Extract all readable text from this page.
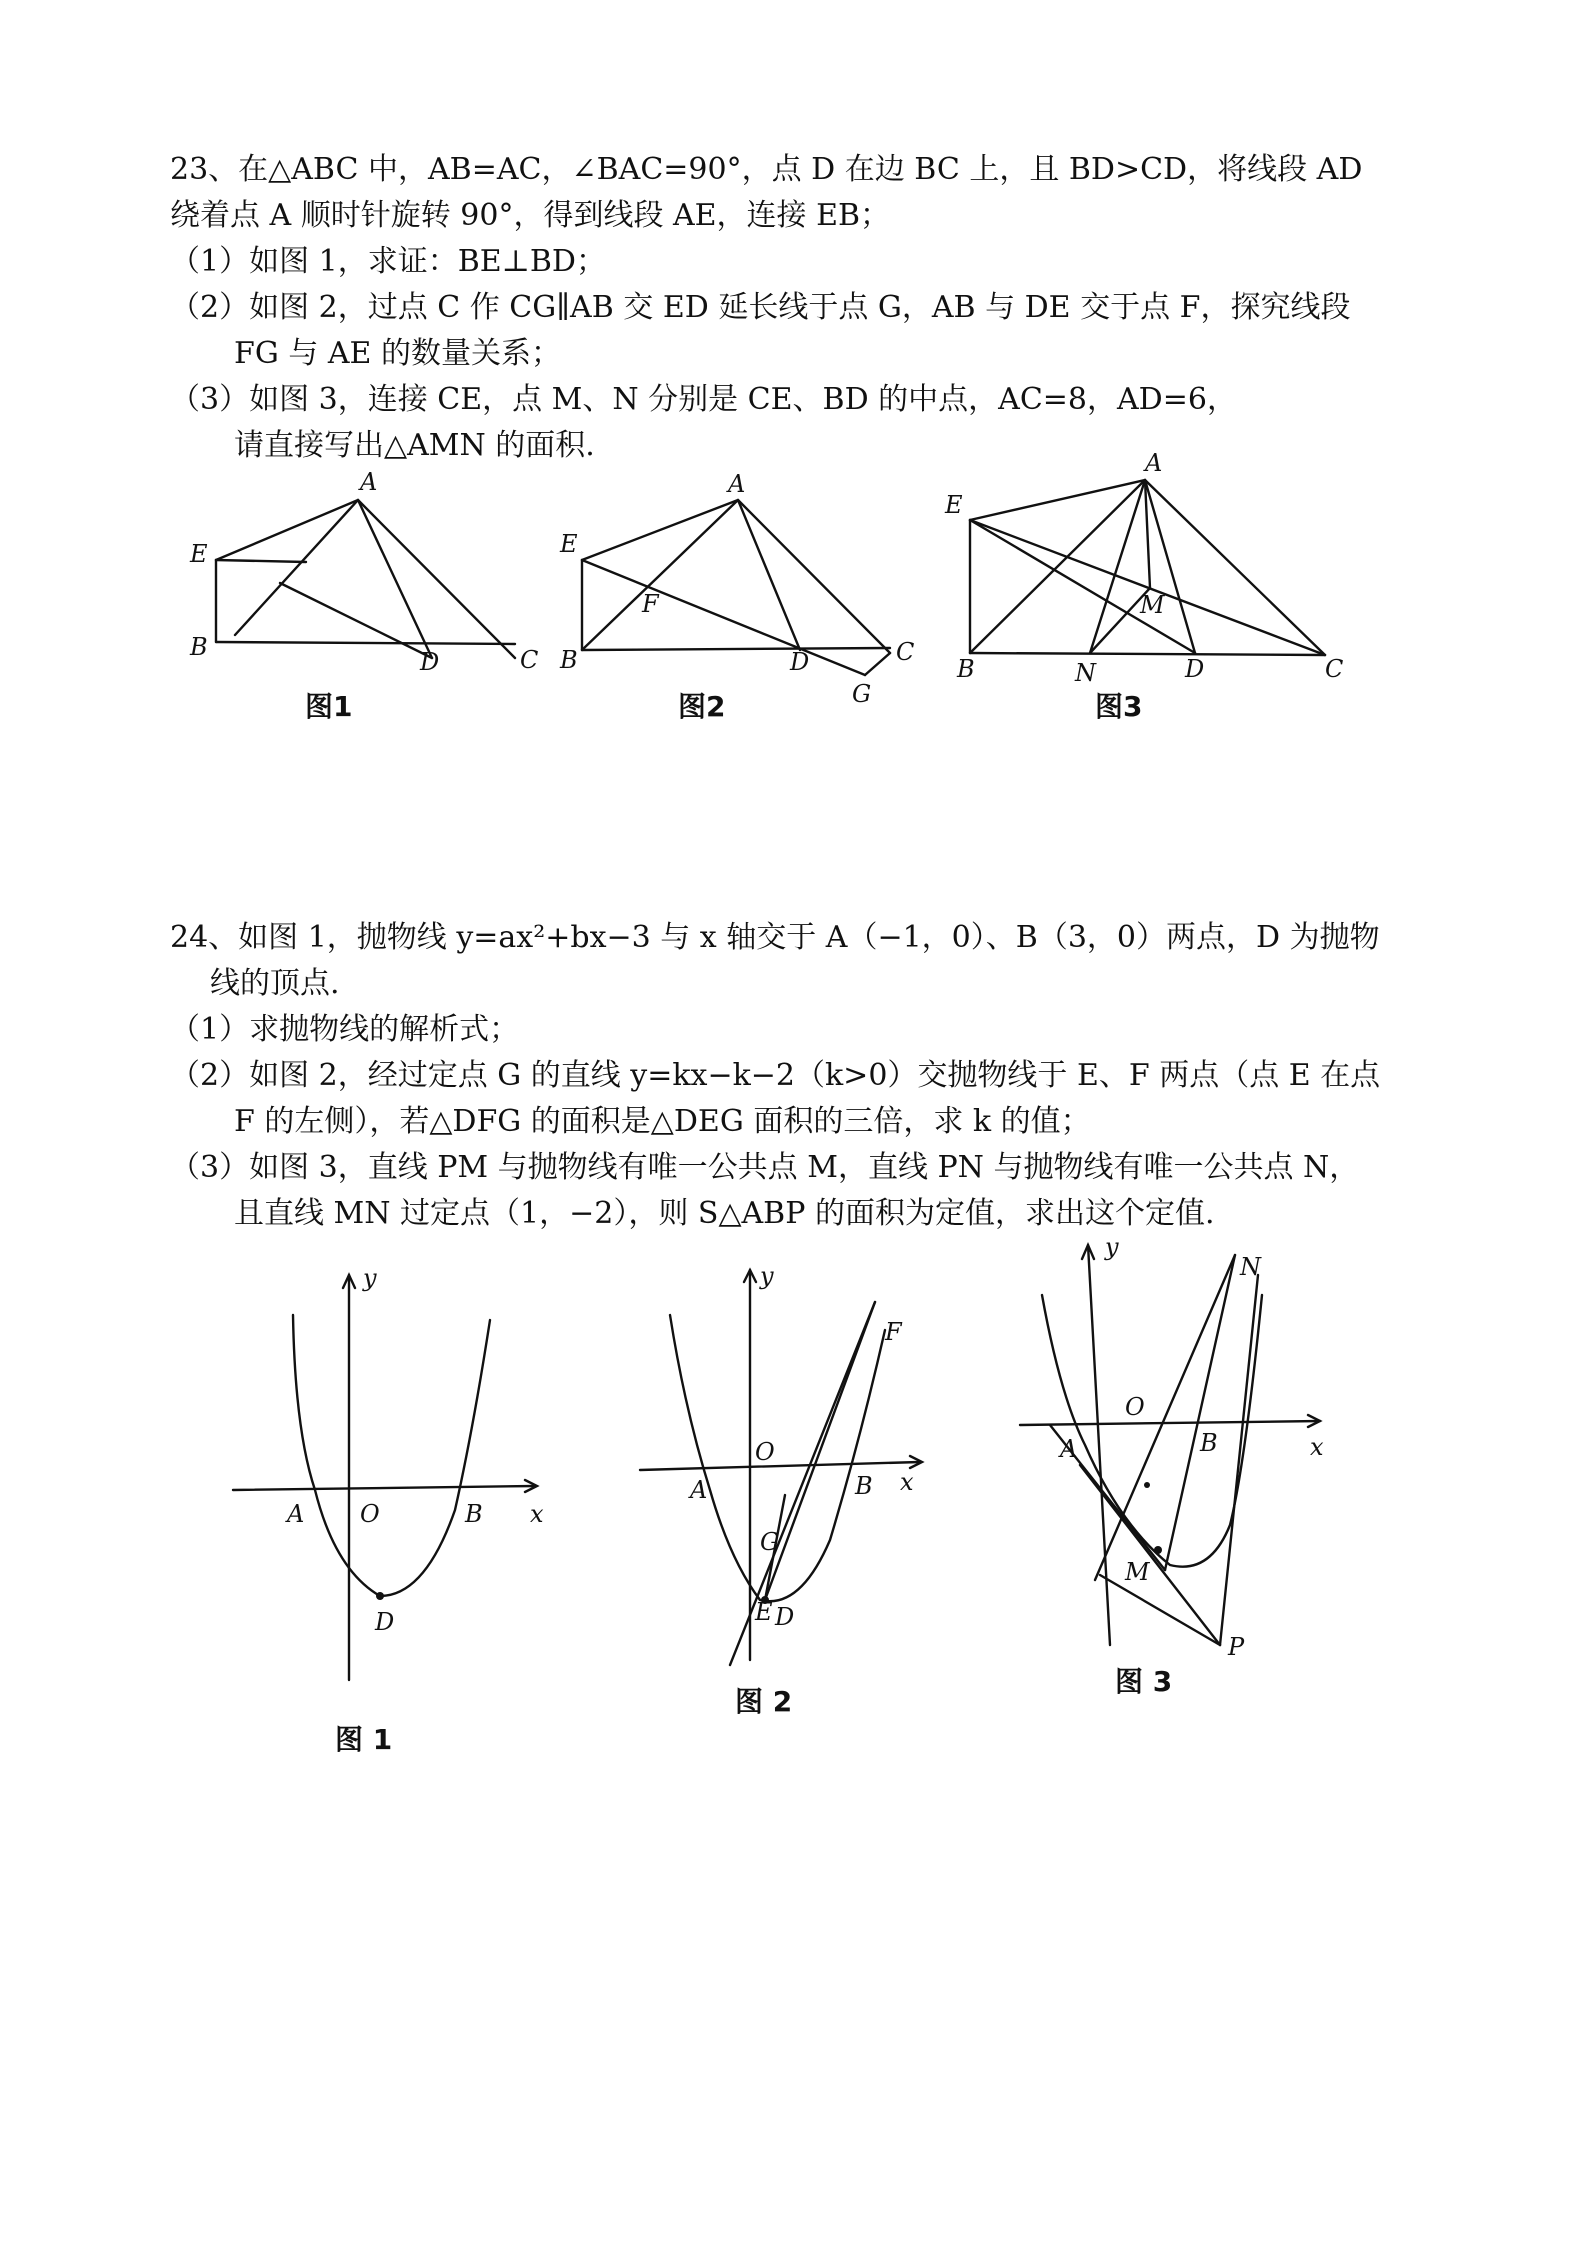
23、在△ABC 中，AB=AC，∠BAC=90°，点 D 在边 BC 上，且 BD>CD，将线段 AD
绕着点 A 顺时针旋转 90°，得到线段 AE，连接 EB；
（1）如图 1，求证：BE⊥BD；
（2）如图 2，过点 C 作 CG∥AB 交 ED 延长线于点 G，AB 与 DE 交于点 F，探究线段
FG 与 AE 的数量关系；
（3）如图 3，连接 CE，点 M、N 分别是 CE、BD 的中点，AC=8，AD=6，
请直接写出△AMN 的面积.
A
E
B
D	C
图1
A
E
F
B	D	C
G
图2
A
E
M
B	N	D	C
图3
24、如图 1，抛物线 y=ax²+bx−3 与 x 轴交于 A（−1，0）、B（3，0）两点，D 为抛物
线的顶点.
（1）求抛物线的解析式；
（2）如图 2，经过定点 G 的直线 y=kx−k−2（k>0）交抛物线于 E、F 两点（点 E 在点
F 的左侧），若△DFG 的面积是△DEG 面积的三倍，求 k 的值；
（3）如图 3，直线 PM 与抛物线有唯一公共点 M，直线 PN 与抛物线有唯一公共点 N，
且直线 MN 过定点（1，−2），则 S△ABP 的面积为定值，求出这个定值.
y
x
A O	B
D
图 1
y
x
A
O
B
G
E D
F
图 2
y
x
A
O
B
M
N
P
图 3
